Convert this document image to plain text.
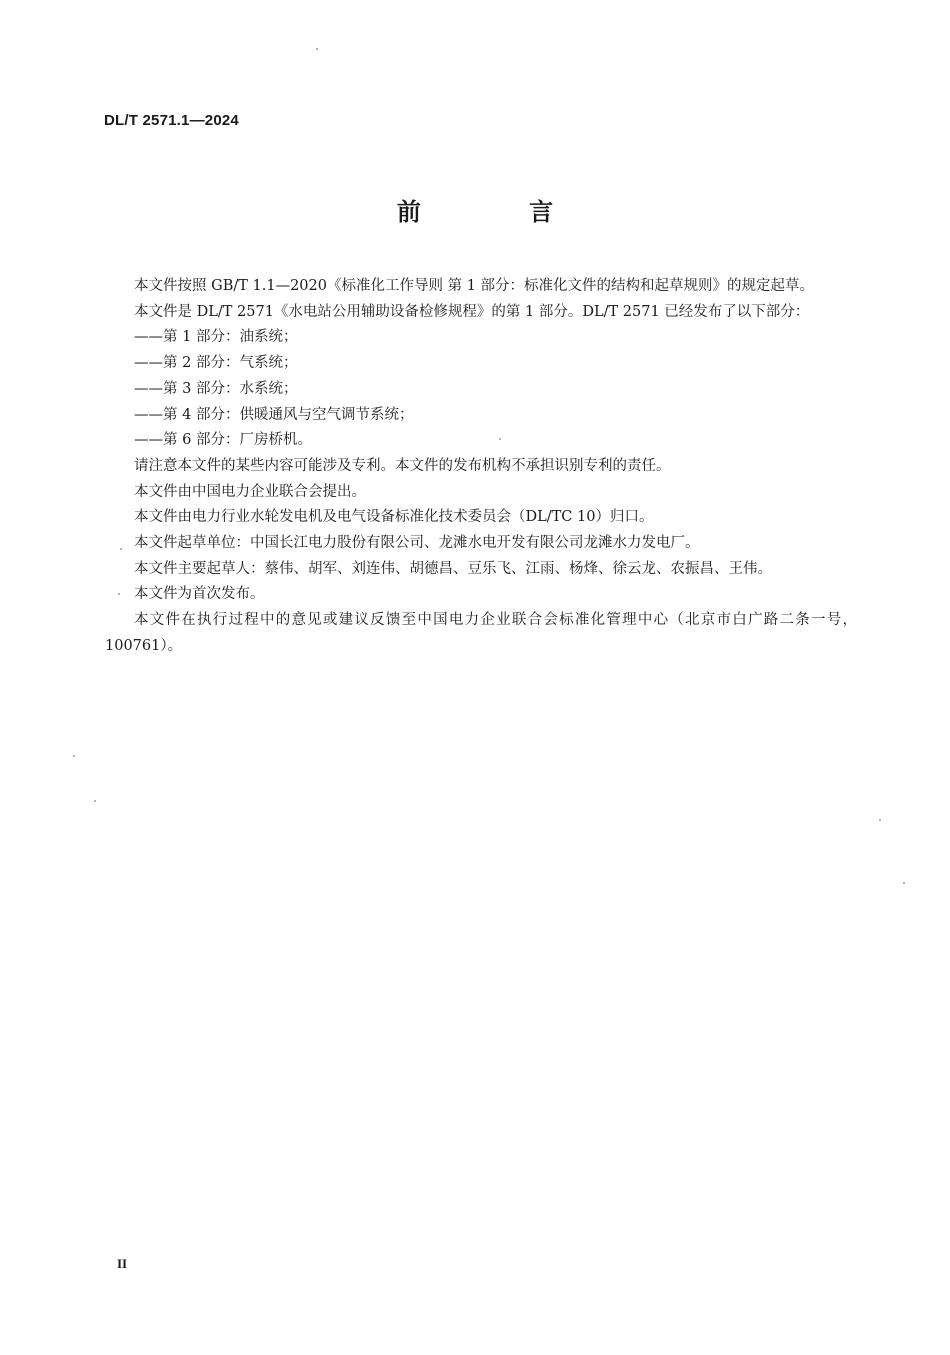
DL/T 2571.1—2024
前 言

本文件按照 GB/T 1.1—2020《标准化工作导则 第 1 部分：标准化文件的结构和起草规则》的规定起草。

本文件是 DL/T 2571《水电站公用辅助设备检修规程》的第 1 部分。DL/T 2571 已经发布了以下部分：

——第 1 部分：油系统；

——第 2 部分：气系统；

——第 3 部分：水系统；

——第 4 部分：供暖通风与空气调节系统；

——第 6 部分：厂房桥机。

请注意本文件的某些内容可能涉及专利。本文件的发布机构不承担识别专利的责任。

本文件由中国电力企业联合会提出。

本文件由电力行业水轮发电机及电气设备标准化技术委员会（DL/TC 10）归口。

本文件起草单位：中国长江电力股份有限公司、龙滩水电开发有限公司龙滩水力发电厂。

本文件主要起草人：蔡伟、胡军、刘连伟、胡德昌、豆乐飞、江雨、杨烽、徐云龙、农振昌、王伟。

本文件为首次发布。

本文件在执行过程中的意见或建议反馈至中国电力企业联合会标准化管理中心（北京市白广路二条一号，100761）。

II
